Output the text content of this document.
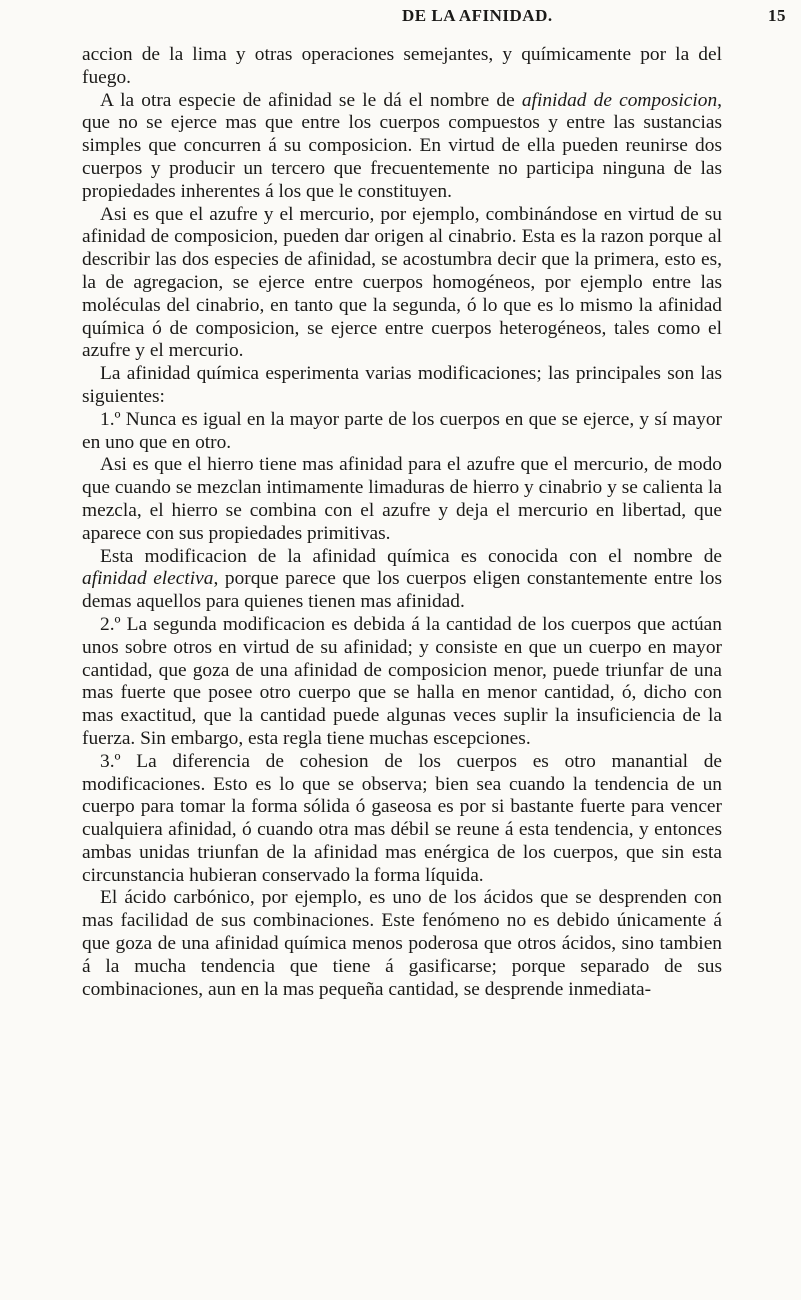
DE LA AFINIDAD.	15

accion de la lima y otras operaciones semejantes, y químicamente por la del fuego.

A la otra especie de afinidad se le dá el nombre de afinidad de composicion, que no se ejerce mas que entre los cuerpos compuestos y entre las sustancias simples que concurren á su composicion. En virtud de ella pueden reunirse dos cuerpos y producir un tercero que frecuentemente no participa ninguna de las propiedades inherentes á los que le constituyen.

Asi es que el azufre y el mercurio, por ejemplo, combinándose en virtud de su afinidad de composicion, pueden dar origen al cinabrio. Esta es la razon porque al describir las dos especies de afinidad, se acostumbra decir que la primera, esto es, la de agregacion, se ejerce entre cuerpos homogéneos, por ejemplo entre las moléculas del cinabrio, en tanto que la segunda, ó lo que es lo mismo la afinidad química ó de composicion, se ejerce entre cuerpos heterogéneos, tales como el azufre y el mercurio.

La afinidad química esperimenta varias modificaciones; las principales son las siguientes:

1.º Nunca es igual en la mayor parte de los cuerpos en que se ejerce, y sí mayor en uno que en otro.

Asi es que el hierro tiene mas afinidad para el azufre que el mercurio, de modo que cuando se mezclan intimamente limaduras de hierro y cinabrio y se calienta la mezcla, el hierro se combina con el azufre y deja el mercurio en libertad, que aparece con sus propiedades primitivas.

Esta modificacion de la afinidad química es conocida con el nombre de afinidad electiva, porque parece que los cuerpos eligen constantemente entre los demas aquellos para quienes tienen mas afinidad.

2.º La segunda modificacion es debida á la cantidad de los cuerpos que actúan unos sobre otros en virtud de su afinidad; y consiste en que un cuerpo en mayor cantidad, que goza de una afinidad de composicion menor, puede triunfar de una mas fuerte que posee otro cuerpo que se halla en menor cantidad, ó, dicho con mas exactitud, que la cantidad puede algunas veces suplir la insuficiencia de la fuerza. Sin embargo, esta regla tiene muchas escepciones.

3.º La diferencia de cohesion de los cuerpos es otro manantial de modificaciones. Esto es lo que se observa; bien sea cuando la tendencia de un cuerpo para tomar la forma sólida ó gaseosa es por si bastante fuerte para vencer cualquiera afinidad, ó cuando otra mas débil se reune á esta tendencia, y entonces ambas unidas triunfan de la afinidad mas enérgica de los cuerpos, que sin esta circunstancia hubieran conservado la forma líquida.

El ácido carbónico, por ejemplo, es uno de los ácidos que se desprenden con mas facilidad de sus combinaciones. Este fenómeno no es debido únicamente á que goza de una afinidad química menos poderosa que otros ácidos, sino tambien á la mucha tendencia que tiene á gasificarse; porque separado de sus combinaciones, aun en la mas pequeña cantidad, se desprende inmediata-
